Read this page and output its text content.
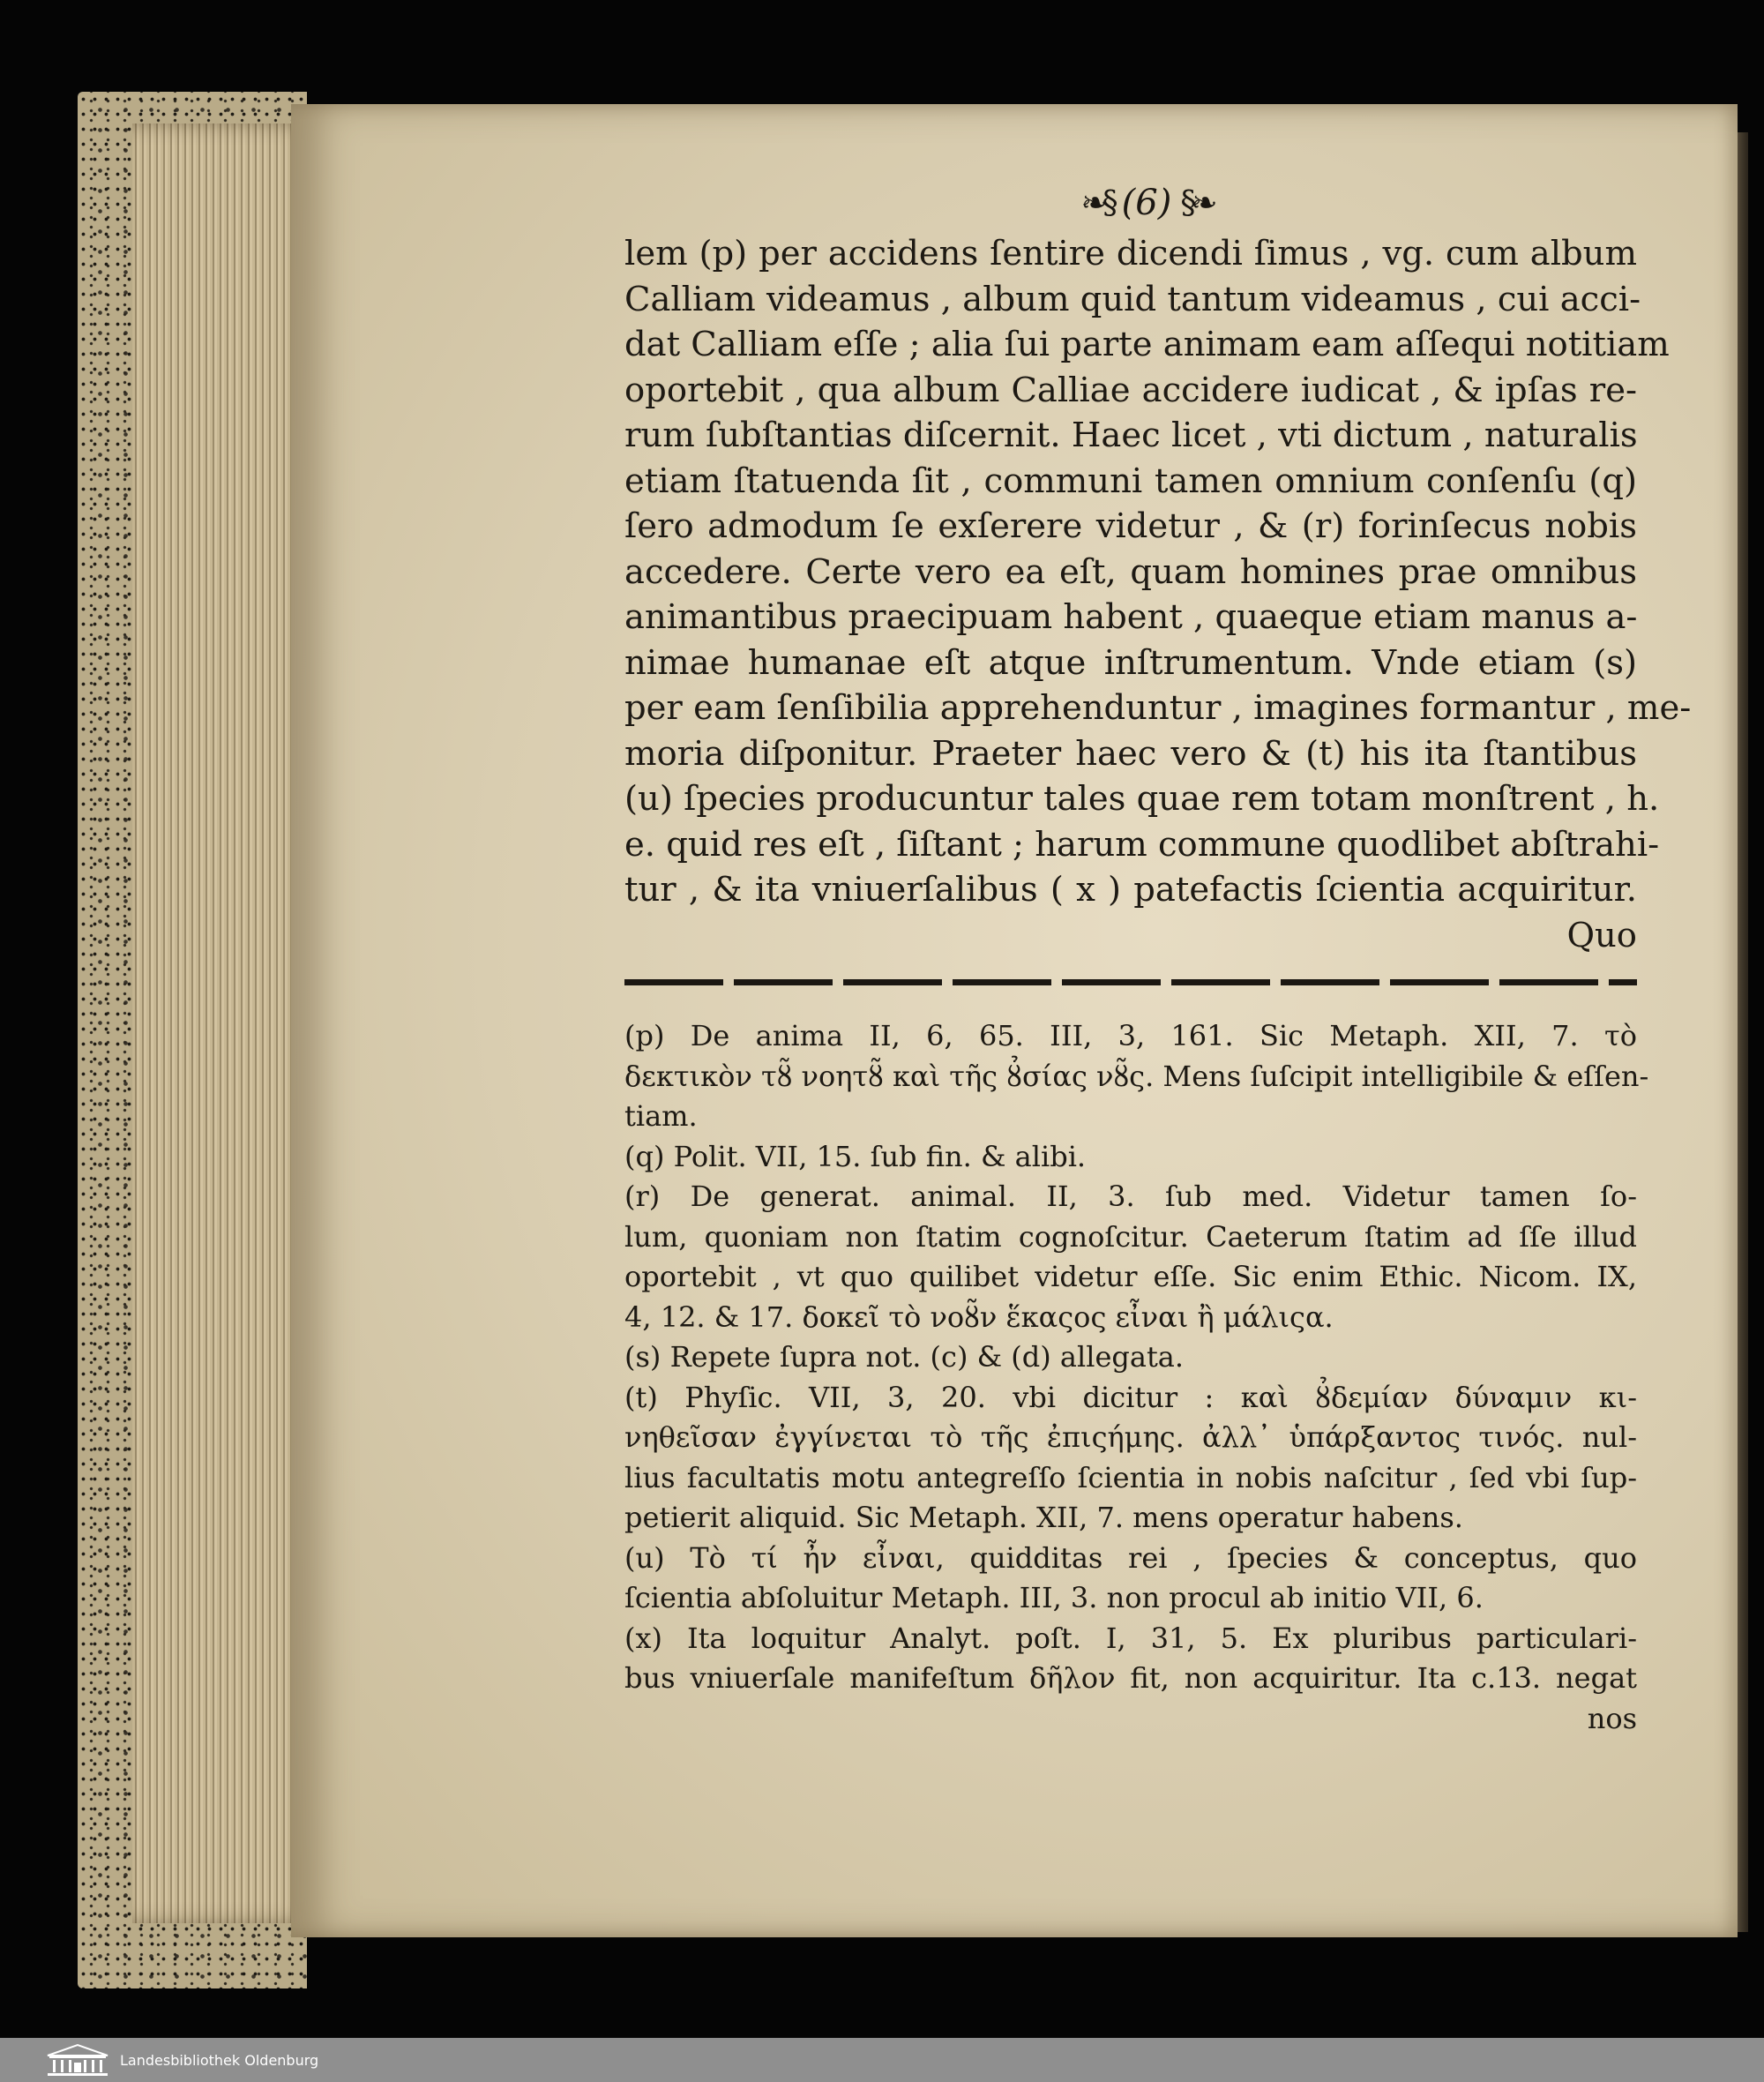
❧§ (6) §❧
lem (p) per accidens ſentire dicendi ſimus , vg. cum album
Calliam videamus , album quid tantum videamus , cui acci-
dat Calliam eſſe ; alia ſui parte animam eam aſſequi notitiam
oportebit , qua album Calliae accidere iudicat , & ipſas re-
rum ſubſtantias diſcernit. Haec licet , vti dictum , naturalis
etiam ſtatuenda ſit , communi tamen omnium conſenſu (q)
ſero admodum ſe exſerere videtur , & (r) forinſecus nobis
accedere. Certe vero ea eſt, quam homines prae omnibus
animantibus praecipuam habent , quaeque etiam manus a-
nimae humanae eſt atque inſtrumentum. Vnde etiam (s)
per eam ſenſibilia apprehenduntur , imagines formantur , me-
moria diſponitur. Praeter haec vero & (t) his ita ſtantibus
(u) ſpecies producuntur tales quae rem totam monſtrent , h.
e. quid res eſt , ſiſtant ; harum commune quodlibet abſtrahi-
tur , & ita vniuerſalibus ( x ) patefactis ſcientia acquiritur.
Quo
(p) De anima II, 6, 65. III, 3, 161. Sic Metaph. XII, 7. τὸ
δεκτικὸν τȣ̃ νοητȣ̃ καὶ τῆς ȣ̉σίας νȣ̃ς. Mens ſuſcipit intelligibile & eſſen-
tiam.
(q) Polit. VII, 15. ſub fin. & alibi.
(r) De generat. animal. II, 3. ſub med. Videtur tamen ſo-
lum, quoniam non ſtatim cognoſcitur. Caeterum ſtatim ad ſſe illud
oportebit , vt quo quilibet videtur eſſe. Sic enim Ethic. Nicom. IX,
4, 12. & 17. δοκεῖ τὸ νοȣ̃ν ἕκαςος εἶναι ἢ μάλιςα.
(s) Repete ſupra not. (c) & (d) allegata.
(t) Phyſic. VII, 3, 20. vbi dicitur : καὶ ȣ̉δεμίαν δύναμιν κι-
νηθεῖσαν ἐγγίνεται τὸ τῆς ἐπιςήμης. ἀλλ᾽ ὑπάρξαντος τινός. nul-
lius facultatis motu antegreſſo ſcientia in nobis naſcitur , ſed vbi ſup-
petierit aliquid. Sic Metaph. XII, 7. mens operatur habens.
(u) Τὸ τί ἦν εἶναι, quidditas rei , ſpecies & conceptus, quo
ſcientia abſoluitur Metaph. III, 3. non procul ab initio VII, 6.
(x) Ita loquitur Analyt. poſt. I, 31, 5. Ex pluribus particulari-
bus vniuerſale manifeſtum δῆλον fit, non acquiritur. Ita c.13. negat
nos
Landesbibliothek Oldenburg
